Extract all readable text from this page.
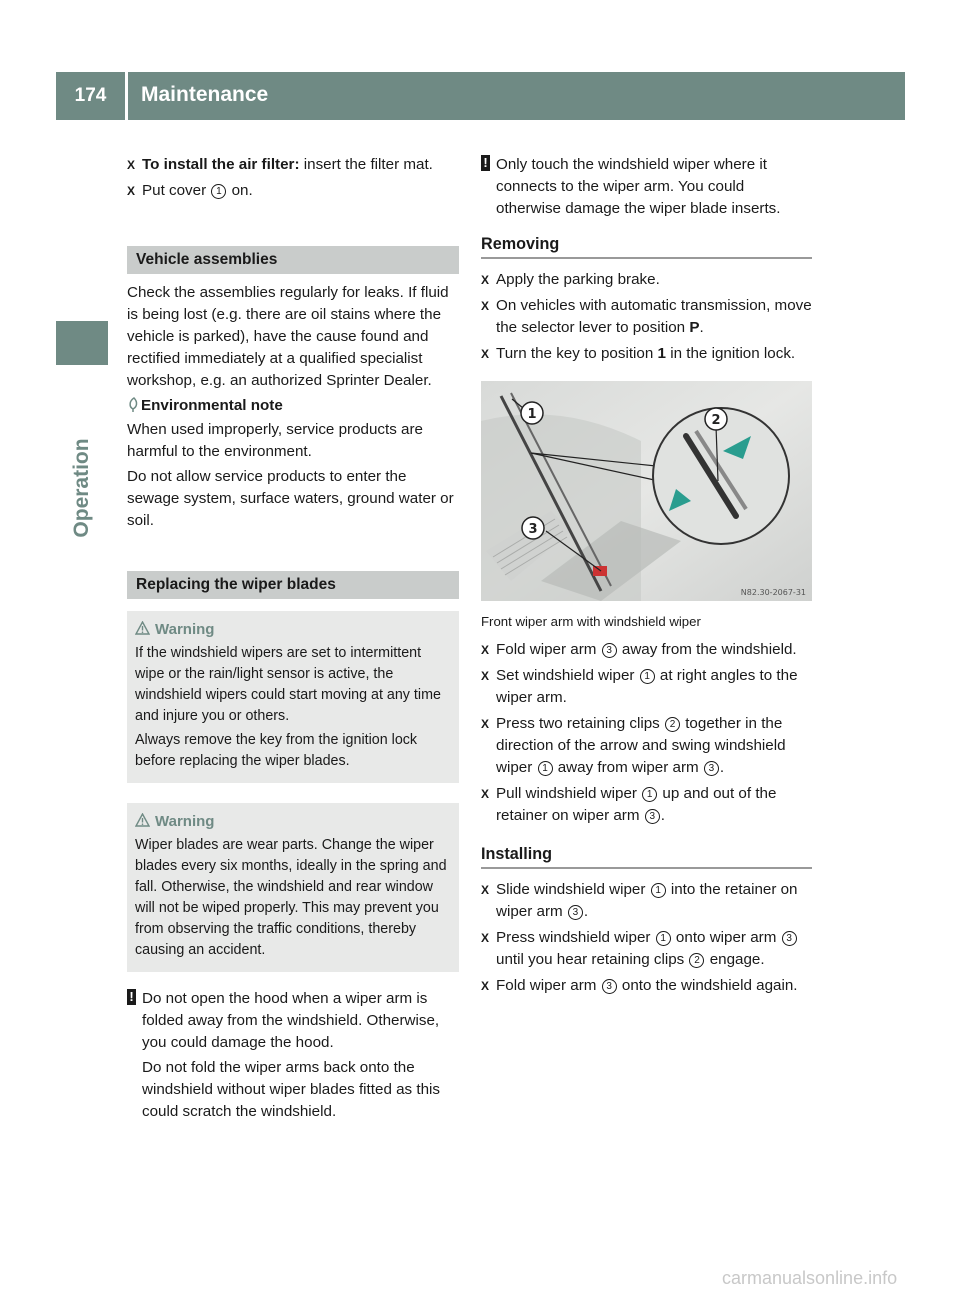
174	Maintenance
Operation
X To install the air filter: insert the filter mat.
X Put cover 1 on.
Vehicle assemblies
Check the assemblies regularly for leaks. If fluid is being lost (e.g. there are oil stains where the vehicle is parked), have the cause found and rectified immediately at a qualified specialist workshop, e.g. an authorized Sprinter Dealer.
Environmental note
When used improperly, service products are harmful to the environment.
Do not allow service products to enter the sewage system, surface waters, ground water or soil.
Replacing the wiper blades
Warning
If the windshield wipers are set to intermittent wipe or the rain/light sensor is active, the windshield wipers could start moving at any time and injure you or others.
Always remove the key from the ignition lock before replacing the wiper blades.
Warning
Wiper blades are wear parts. Change the wiper blades every six months, ideally in the spring and fall. Otherwise, the windshield and rear window will not be wiped properly. This may prevent you from observing the traffic conditions, thereby causing an accident.
! Do not open the hood when a wiper arm is folded away from the windshield. Otherwise, you could damage the hood.
Do not fold the wiper arms back onto the windshield without wiper blades fitted as this could scratch the windshield.
! Only touch the windshield wiper where it connects to the wiper arm. You could otherwise damage the wiper blade inserts.
Removing
X Apply the parking brake.
X On vehicles with automatic transmission, move the selector lever to position P.
X Turn the key to position 1 in the ignition lock.
1	2
3
N82.30-2067-31
Front wiper arm with windshield wiper
X Fold wiper arm 3 away from the windshield.
X Set windshield wiper 1 at right angles to the wiper arm.
X Press two retaining clips 2 together in the direction of the arrow and swing windshield wiper 1 away from wiper arm 3 .
X Pull windshield wiper 1 up and out of the retainer on wiper arm 3 .
Installing
X Slide windshield wiper 1 into the retainer on wiper arm 3 .
X Press windshield wiper 1 onto wiper arm 3 until you hear retaining clips 2 engage.
X Fold wiper arm 3 onto the windshield again.
carmanualsonline.info
